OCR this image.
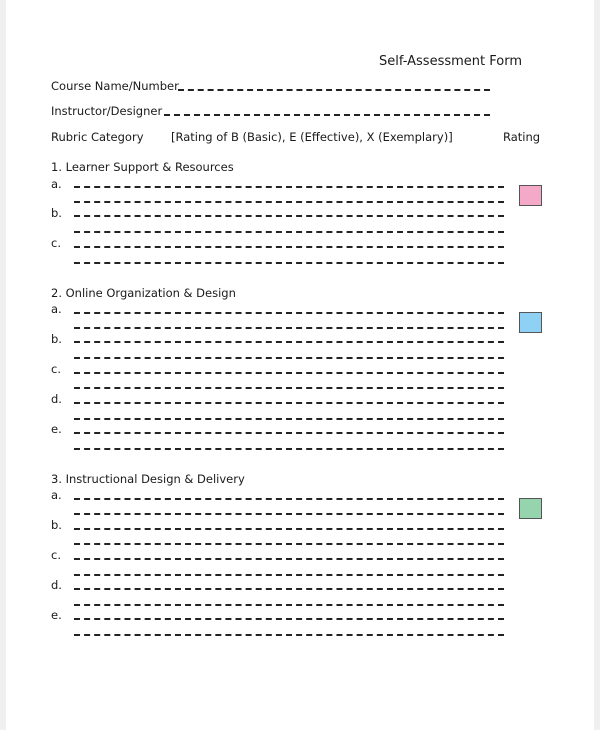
Self-Assessment Form
Course Name/Number
Instructor/Designer
Rubric Category [Rating of B (Basic), E (Effective), X (Exemplary)]	Rating
1. Learner Support & Resources
a.
b.
c.
2. Online Organization & Design
a.
b.
c.
d.
e.
3. Instructional Design & Delivery
a.
b.
c.
d.
e.
